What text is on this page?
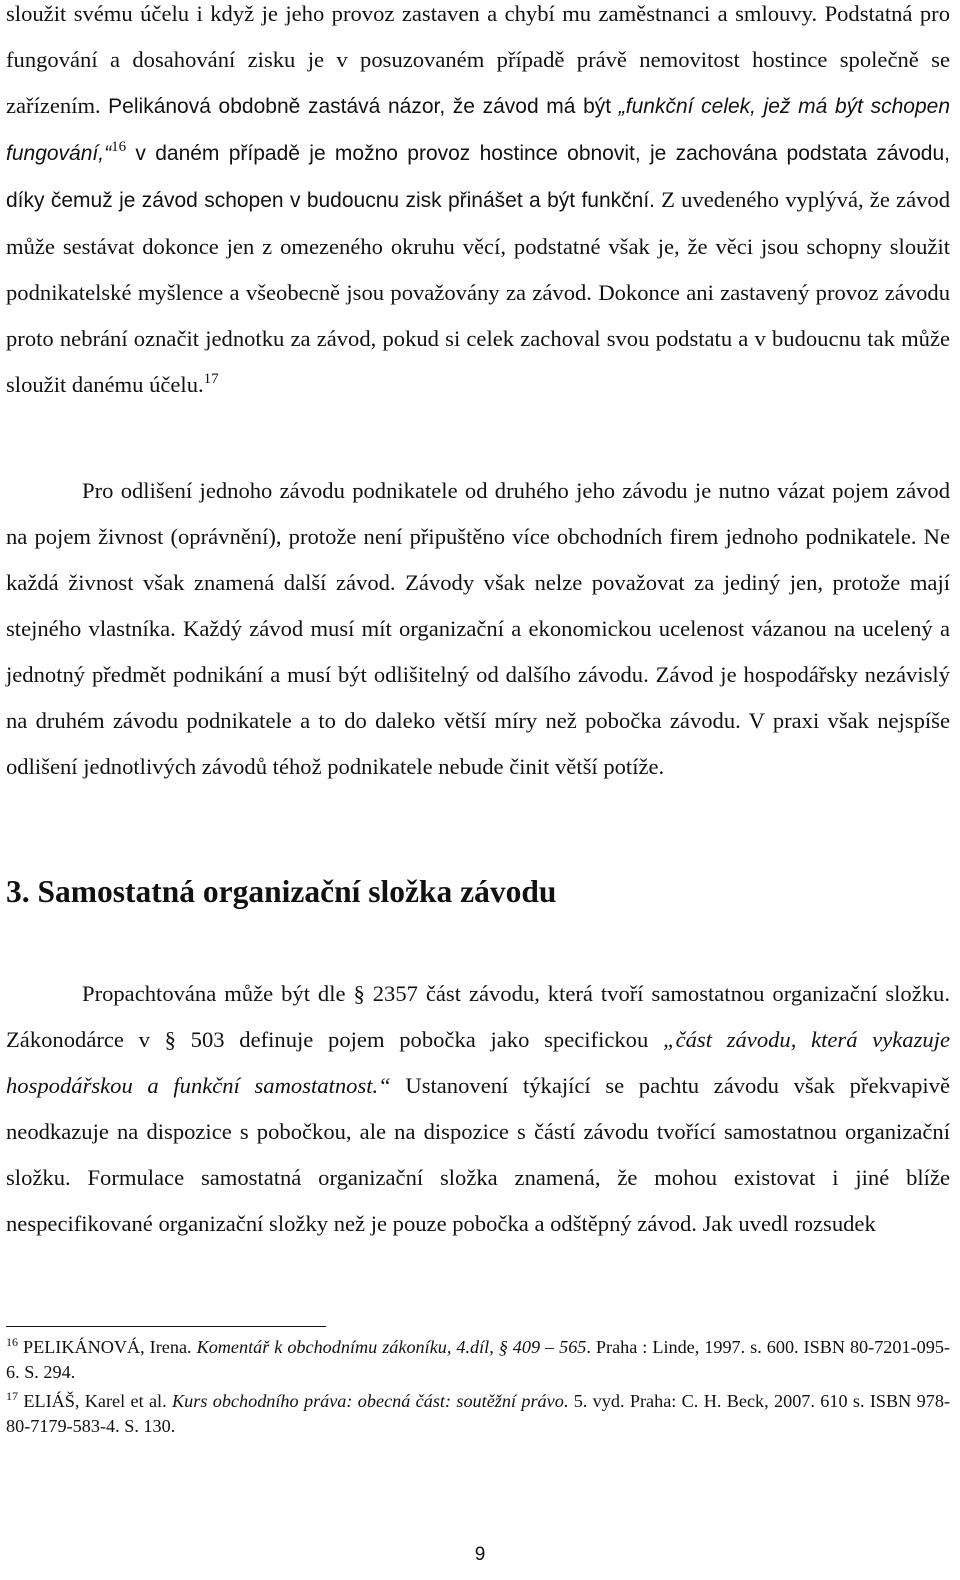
sloužit svému účelu i když je jeho provoz zastaven a chybí mu zaměstnanci a smlouvy. Podstatná pro fungování a dosahování zisku je v posuzovaném případě právě nemovitost hostince společně se zařízením. Pelikánová obdobně zastává názor, že závod má být „funkční celek, jež má být schopen fungování,“$^{16}$ v daném případě je možno provoz hostince obnovit, je zachována podstata závodu, díky čemuž je závod schopen v budoucnu zisk přinášet a být funkční. Z uvedeného vyplývá, že závod může sestávat dokonce jen z omezeného okruhu věcí, podstatné však je, že věci jsou schopny sloužit podnikatelské myšlence a všeobecně jsou považovány za závod. Dokonce ani zastavený provoz závodu proto nebrání označit jednotku za závod, pokud si celek zachoval svou podstatu a v budoucnu tak může sloužit danému účelu.$^{17}$

Pro odlišení jednoho závodu podnikatele od druhého jeho závodu je nutno vázat pojem závod na pojem živnost (oprávnění), protože není připuštěno více obchodních firem jednoho podnikatele. Ne každá živnost však znamená další závod. Závody však nelze považovat za jediný jen, protože mají stejného vlastníka. Každý závod musí mít organizační a ekonomickou ucelenost vázanou na ucelený a jednotný předmět podnikání a musí být odlišitelný od dalšího závodu. Závod je hospodářsky nezávislý na druhém závodu podnikatele a to do daleko větší míry než pobočka závodu. V praxi však nejspíše odlišení jednotlivých závodů téhož podnikatele nebude činit větší potíže.

3. Samostatná organizační složka závodu

Propachtována může být dle § 2357 část závodu, která tvoří samostatnou organizační složku. Zákonodárce v § 503 definuje pojem pobočka jako specifickou „část závodu, která vykazuje hospodářskou a funkční samostatnost.“ Ustanovení týkající se pachtu závodu však překvapivě neodkazuje na dispozice s pobočkou, ale na dispozice s částí závodu tvořící samostatnou organizační složku. Formulace samostatná organizační složka znamená, že mohou existovat i jiné blíže nespecifikované organizační složky než je pouze pobočka a odštěpný závod. Jak uvedl rozsudek

$^{16}$ PELIKÁNOVÁ, Irena. Komentář k obchodnímu zákoníku, 4.díl, § 409 – 565. Praha : Linde, 1997. s. 600. ISBN 80-7201-095-6. S. 294.

$^{17}$ ELIÁŠ, Karel et al. Kurs obchodního práva: obecná část: soutěžní právo. 5. vyd. Praha: C. H. Beck, 2007. 610 s. ISBN 978-80-7179-583-4. S. 130.

9
